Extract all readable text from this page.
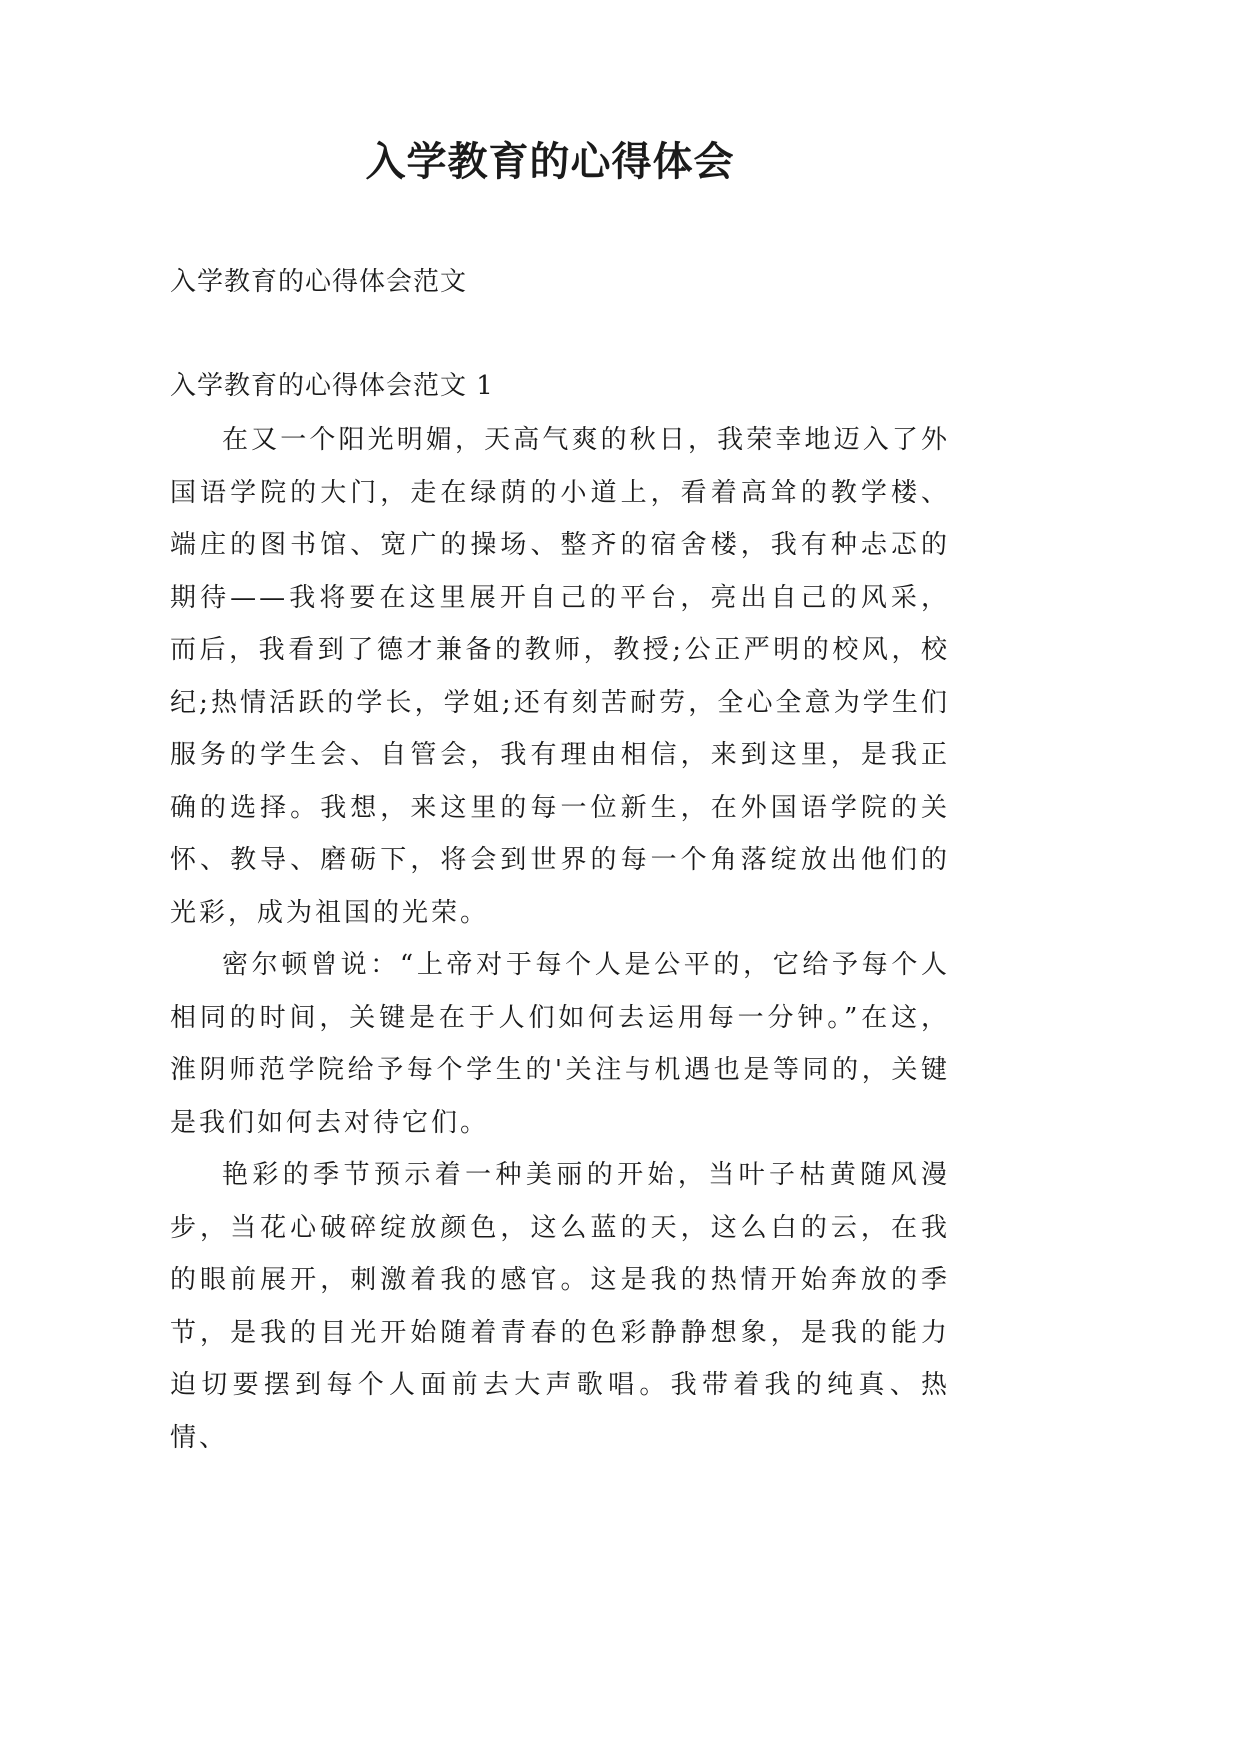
入学教育的心得体会
入学教育的心得体会范文
入学教育的心得体会范文 1

在又一个阳光明媚，天高气爽的秋日，我荣幸地迈入了外国语学院的大门，走在绿荫的小道上，看着高耸的教学楼、端庄的图书馆、宽广的操场、整齐的宿舍楼，我有种忐忑的期待——我将要在这里展开自己的平台，亮出自己的风采，而后，我看到了德才兼备的教师，教授;公正严明的校风，校纪;热情活跃的学长，学姐;还有刻苦耐劳，全心全意为学生们服务的学生会、自管会，我有理由相信，来到这里，是我正确的选择。我想，来这里的每一位新生，在外国语学院的关怀、教导、磨砺下，将会到世界的每一个角落绽放出他们的光彩，成为祖国的光荣。

密尔顿曾说：“上帝对于每个人是公平的，它给予每个人相同的时间，关键是在于人们如何去运用每一分钟。”在这，淮阴师范学院给予每个学生的'关注与机遇也是等同的，关键是我们如何去对待它们。

艳彩的季节预示着一种美丽的开始，当叶子枯黄随风漫步，当花心破碎绽放颜色，这么蓝的天，这么白的云，在我的眼前展开，刺激着我的感官。这是我的热情开始奔放的季节，是我的目光开始随着青春的色彩静静想象，是我的能力迫切要摆到每个人面前去大声歌唱。我带着我的纯真、热情、
